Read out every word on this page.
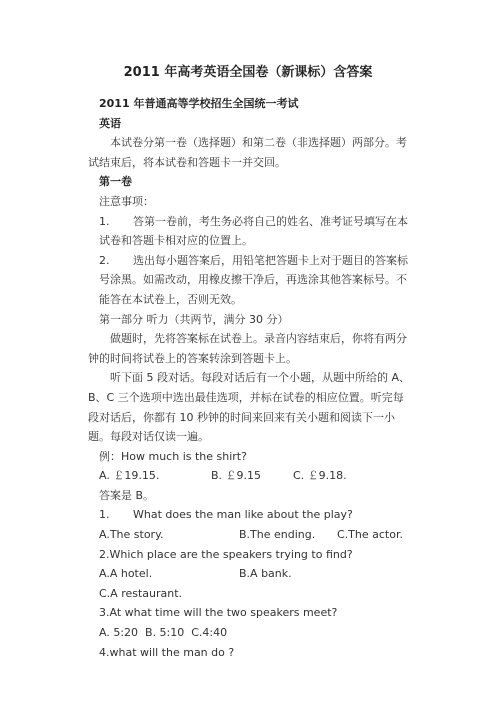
2011 年高考英语全国卷（新课标）含答案

2011 年普通高等学校招生全国统一考试

英语

本试卷分第一卷（选择题）和第二卷（非选择题）两部分。考试结束后，将本试卷和答题卡一并交回。

第一卷

注意事项：

1. 答第一卷前，考生务必将自己的姓名、准考证号填写在本试卷和答题卡相对应的位置上。

2. 选出每小题答案后，用铅笔把答题卡上对于题目的答案标号涂黑。如需改动，用橡皮擦干净后，再选涂其他答案标号。不能答在本试卷上，否则无效。

第一部分 听力（共两节，满分 30 分）

做题时，先将答案标在试卷上。录音内容结束后，你将有两分钟的时间将试卷上的答案转涂到答题卡上。

听下面 5 段对话。每段对话后有一个小题，从题中所给的 A、B、C 三个选项中选出最佳选项，并标在试卷的相应位置。听完每段对话后，你都有 10 秒钟的时间来回来有关小题和阅读下一小题。每段对话仅读一遍。

例：How much is the shirt?

A. ￡19.15.	B. ￡9.15	C. ￡9.18.

答案是 B。

1. What does the man like about the play?

A.The story.	B.The ending. C.The actor.

2.Which place are the speakers trying to find?

A.A hotel.	B.A bank.C.A restaurant.

3.At what time will the two speakers meet?

A. 5:20  B. 5:10  C.4:40

4.what will the man do ?
